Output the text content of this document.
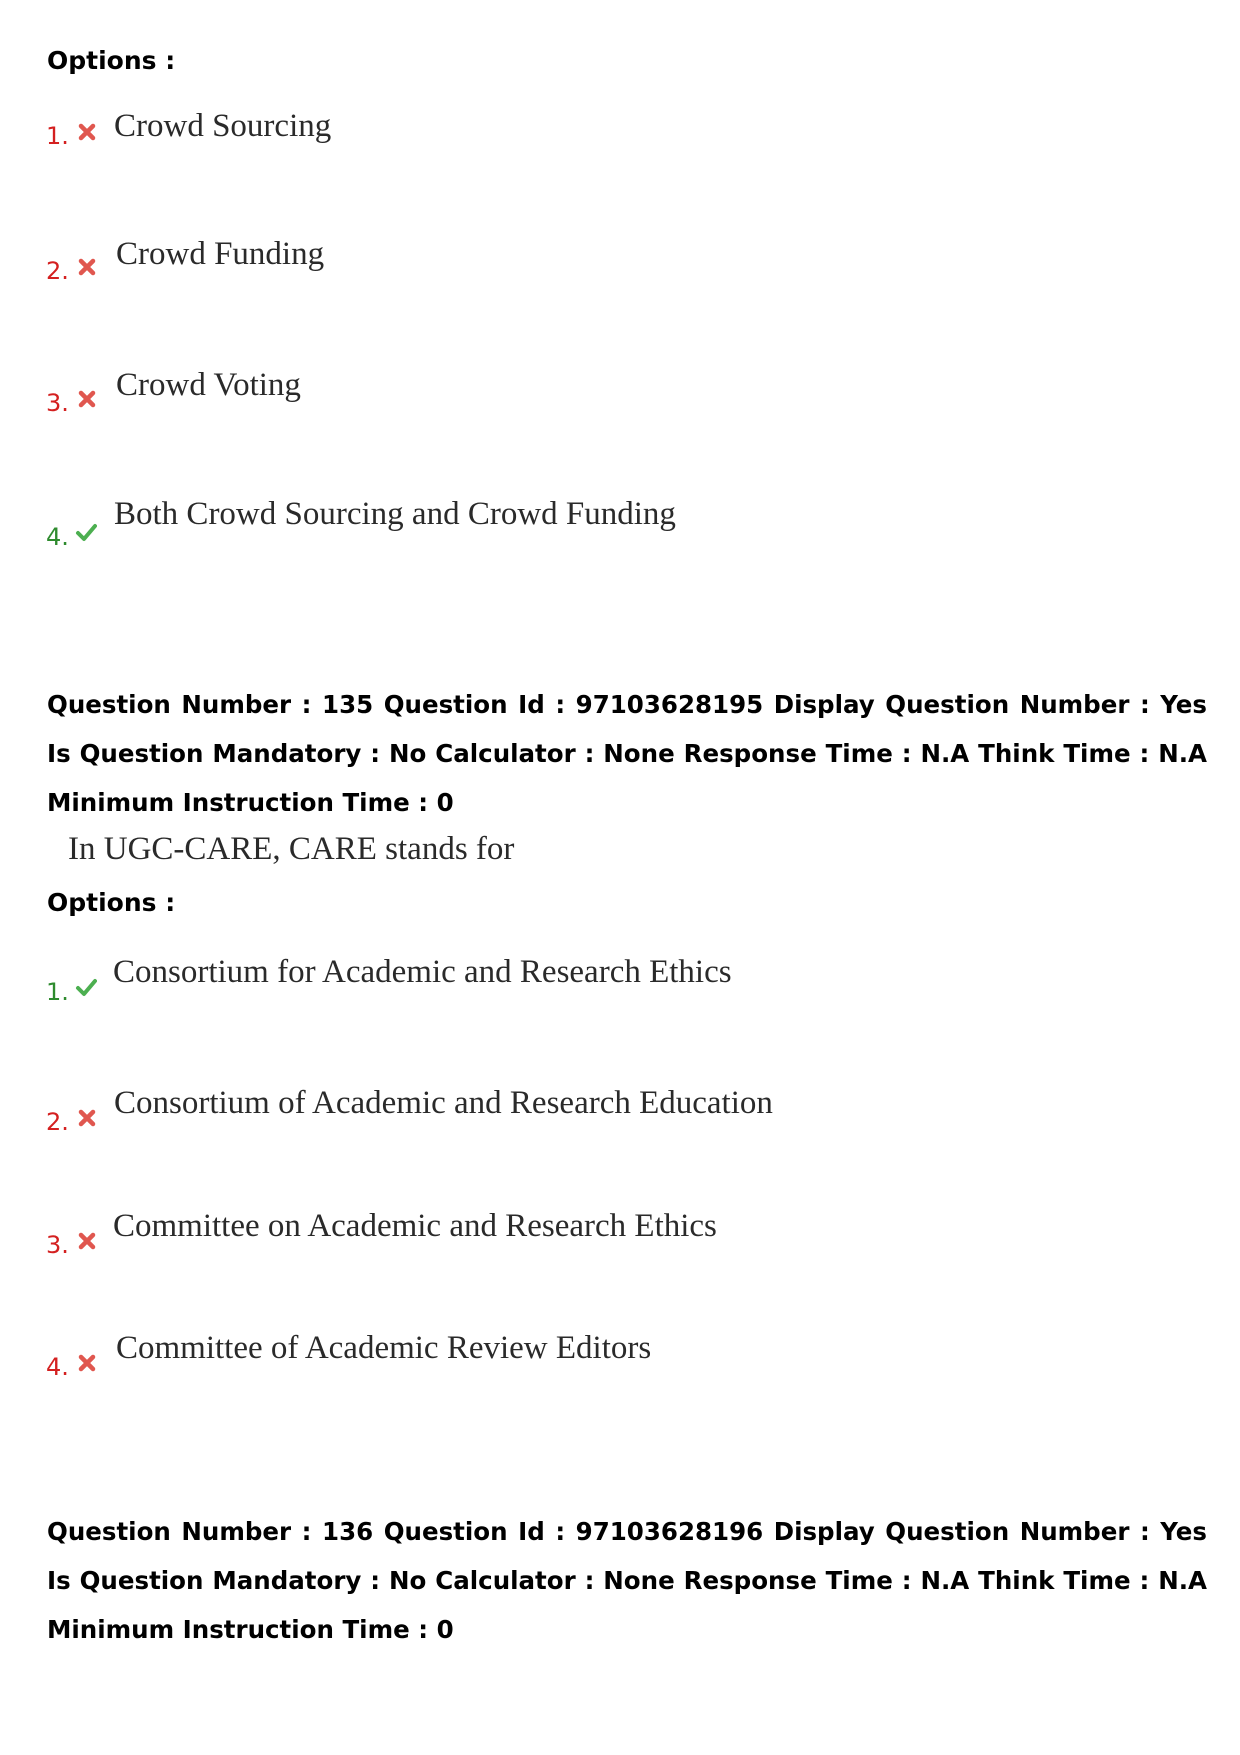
Options :
1. Crowd Sourcing
2. Crowd Funding
3. Crowd Voting
4.
Both Crowd Sourcing and Crowd Funding
Question Number : 135 Question Id : 97103628195 Display Question Number : Yes Is Question Mandatory : No Calculator : None Response Time : N.A Think Time : N.A Minimum Instruction Time : 0
In UGC-CARE, CARE stands for
Options :
1.
Consortium for Academic and Research Ethics
2.
Consortium of Academic and Research Education
3.
Committee on Academic and Research Ethics
4.
Committee of Academic Review Editors
Question Number : 136 Question Id : 97103628196 Display Question Number : Yes Is Question Mandatory : No Calculator : None Response Time : N.A Think Time : N.A Minimum Instruction Time : 0
